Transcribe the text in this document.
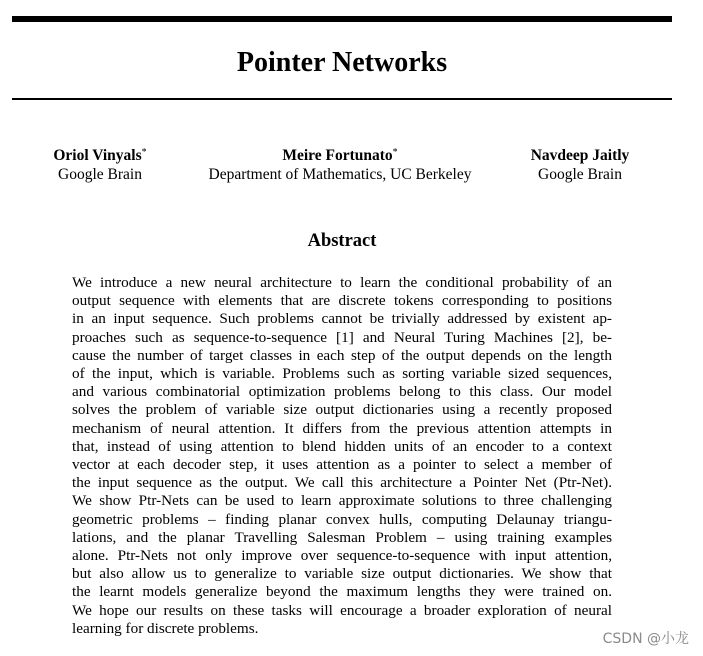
Pointer Networks
Oriol Vinyals*
Google Brain
Meire Fortunato*
Department of Mathematics, UC Berkeley
Navdeep Jaitly
Google Brain
Abstract

We introduce a new neural architecture to learn the conditional probability of an
output sequence with elements that are discrete tokens corresponding to positions
in an input sequence. Such problems cannot be trivially addressed by existent ap-
proaches such as sequence-to-sequence [1] and Neural Turing Machines [2], be-
cause the number of target classes in each step of the output depends on the length
of the input, which is variable. Problems such as sorting variable sized sequences,
and various combinatorial optimization problems belong to this class. Our model
solves the problem of variable size output dictionaries using a recently proposed
mechanism of neural attention. It differs from the previous attention attempts in
that, instead of using attention to blend hidden units of an encoder to a context
vector at each decoder step, it uses attention as a pointer to select a member of
the input sequence as the output. We call this architecture a Pointer Net (Ptr-Net).
We show Ptr-Nets can be used to learn approximate solutions to three challenging
geometric problems – finding planar convex hulls, computing Delaunay triangu-
lations, and the planar Travelling Salesman Problem – using training examples
alone. Ptr-Nets not only improve over sequence-to-sequence with input attention,
but also allow us to generalize to variable size output dictionaries. We show that
the learnt models generalize beyond the maximum lengths they were trained on.
We hope our results on these tasks will encourage a broader exploration of neural
learning for discrete problems.

CSDN @小龙
